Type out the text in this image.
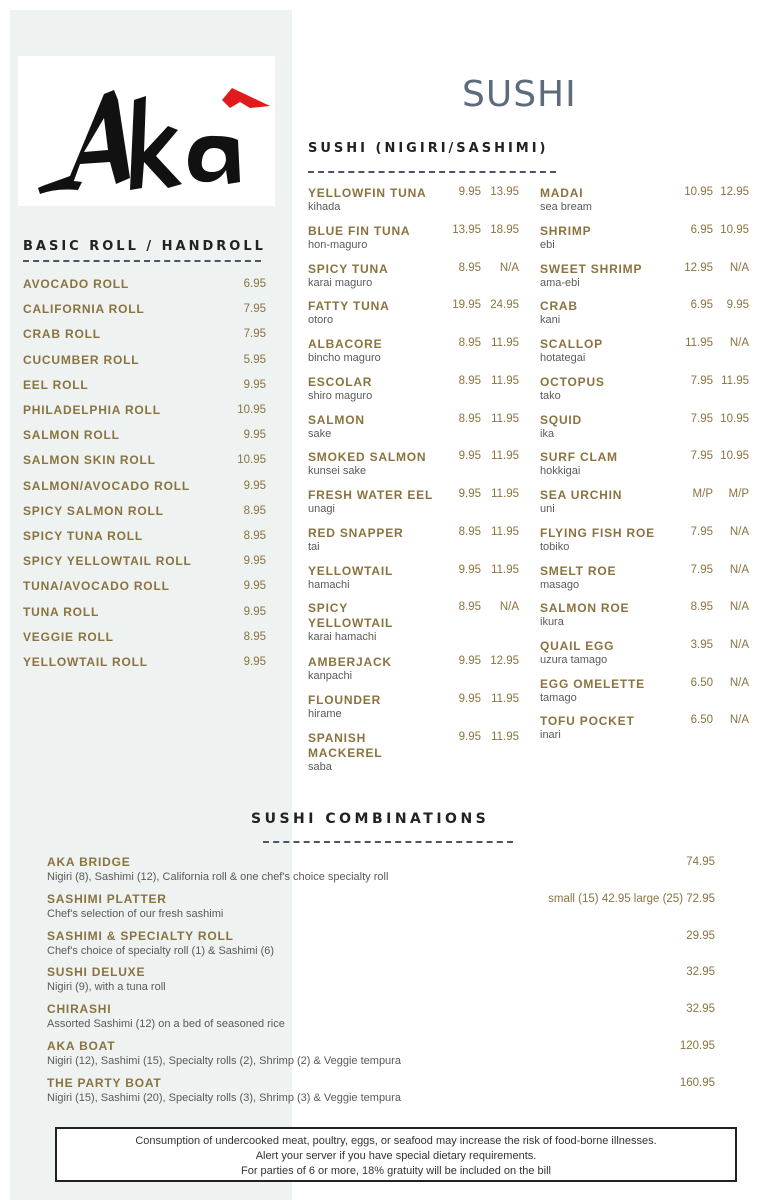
SUSHI
BASIC ROLL / HANDROLL
SUSHI (NIGIRI/SASHIMI)
SUSHI COMBINATIONS
Consumption of undercooked meat, poultry, eggs, or seafood may increase the risk of food-borne illnesses.
Alert your server if you have special dietary requirements.
For parties of 6 or more, 18% gratuity will be included on the bill
AVOCADO ROLL	6.95
CALIFORNIA ROLL	7.95
CRAB ROLL	7.95
CUCUMBER ROLL	5.95
EEL ROLL	9.95
PHILADELPHIA ROLL	10.95
SALMON ROLL	9.95
SALMON SKIN ROLL	10.95
SALMON/AVOCADO ROLL	9.95
SPICY SALMON ROLL	8.95
SPICY TUNA ROLL	8.95
SPICY YELLOWTAIL ROLL	9.95
TUNA/AVOCADO ROLL	9.95
TUNA ROLL	9.95
VEGGIE ROLL	8.95
YELLOWTAIL ROLL	9.95
YELLOWFIN TUNA
kihada
9.95 13.95
BLUE FIN TUNA
hon-maguro
13.95 18.95
SPICY TUNA
karai maguro
8.95 N/A
FATTY TUNA
otoro
19.95 24.95
ALBACORE
bincho maguro
8.95 11.95
ESCOLAR
shiro maguro
8.95 11.95
SALMON
sake
8.95 11.95
SMOKED SALMON
kunsei sake
9.95 11.95
FRESH WATER EEL
unagi
9.95 11.95
RED SNAPPER
tai
8.95 11.95
YELLOWTAIL
hamachi
9.95 11.95
SPICY
YELLOWTAIL
karai hamachi
8.95 N/A
AMBERJACK
kanpachi
9.95 12.95
FLOUNDER
hirame
9.95 11.95
SPANISH
MACKEREL
saba
9.95 11.95
MADAI
sea bream
10.95 12.95
SHRIMP
ebi
6.95 10.95
SWEET SHRIMP
ama-ebi
12.95 N/A
CRAB
kani
6.95 9.95
SCALLOP
hotategai
11.95 N/A
OCTOPUS
tako
7.95 11.95
SQUID
ika
7.95 10.95
SURF CLAM
hokkigai
7.95 10.95
SEA URCHIN
uni
M/P M/P
FLYING FISH ROE
tobiko
7.95 N/A
SMELT ROE
masago
7.95 N/A
SALMON ROE
ikura
8.95 N/A
QUAIL EGG
uzura tamago
3.95 N/A
EGG OMELETTE
tamago
6.50 N/A
TOFU POCKET
inari
6.50 N/A
AKA BRIDGE
Nigiri (8), Sashimi (12), California roll & one chef's choice specialty roll
74.95
SASHIMI PLATTER
Chef's selection of our fresh sashimi
small (15) 42.95 large (25) 72.95
SASHIMI & SPECIALTY ROLL
Chef's choice of specialty roll (1) & Sashimi (6)
29.95
SUSHI DELUXE
Nigiri (9), with a tuna roll
32.95
CHIRASHI
Assorted Sashimi (12) on a bed of seasoned rice
32.95
AKA BOAT
Nigiri (12), Sashimi (15), Specialty rolls (2), Shrimp (2) & Veggie tempura
120.95
THE PARTY BOAT
Nigiri (15), Sashimi (20), Specialty rolls (3), Shrimp (3) & Veggie tempura
160.95
